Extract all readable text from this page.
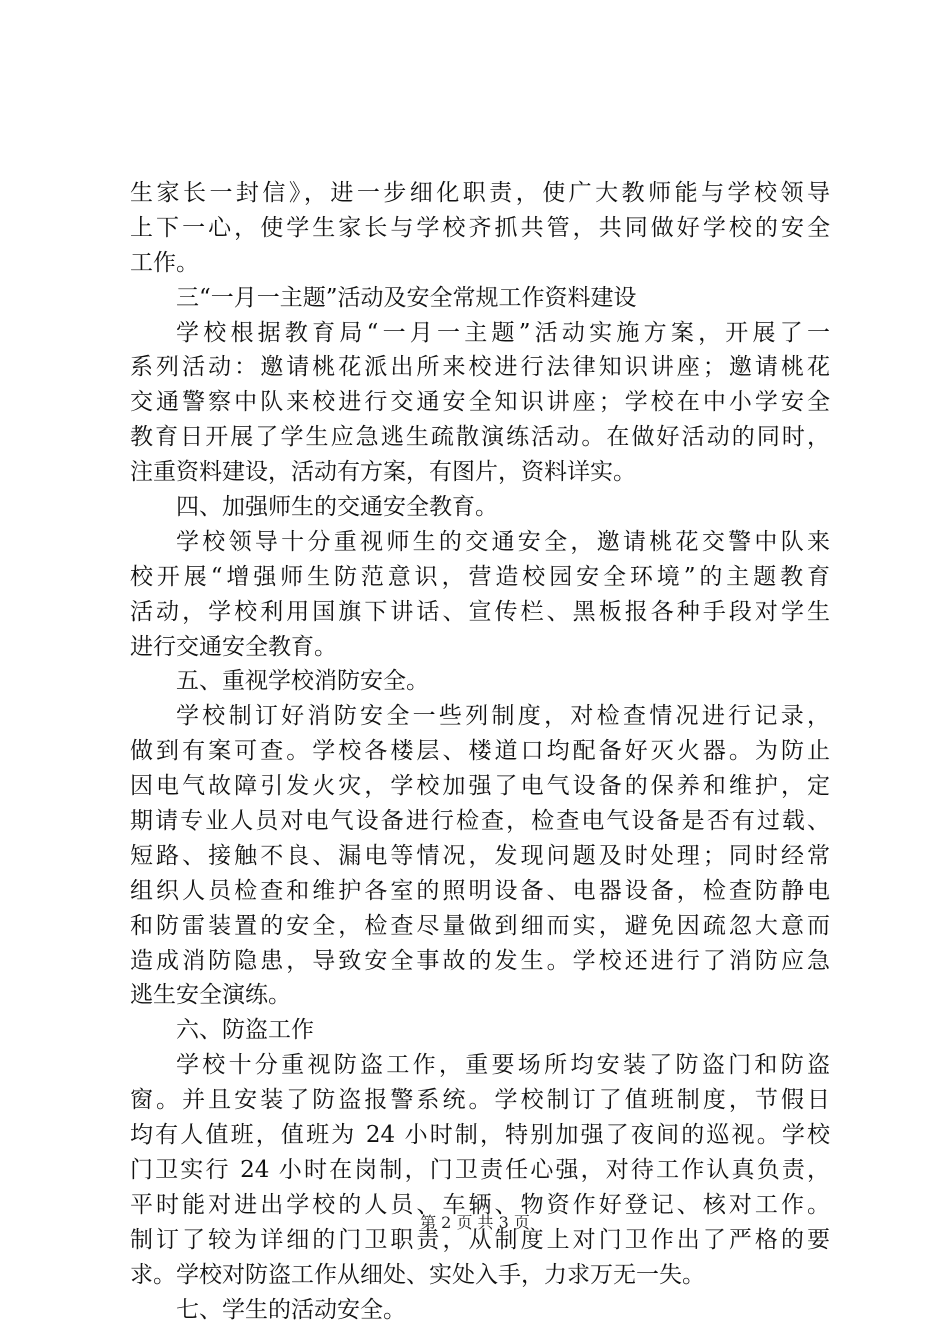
生家长一封信》，进一步细化职责，使广大教师能与学校领导
上下一心，使学生家长与学校齐抓共管，共同做好学校的安全
工作。
三“一月一主题”活动及安全常规工作资料建设
学校根据教育局“一月一主题”活动实施方案，开展了一
系列活动：邀请桃花派出所来校进行法律知识讲座；邀请桃花
交通警察中队来校进行交通安全知识讲座；学校在中小学安全
教育日开展了学生应急逃生疏散演练活动。在做好活动的同时，
注重资料建设，活动有方案，有图片，资料详实。
四、加强师生的交通安全教育。
学校领导十分重视师生的交通安全，邀请桃花交警中队来
校开展“增强师生防范意识，营造校园安全环境”的主题教育
活动，学校利用国旗下讲话、宣传栏、黑板报各种手段对学生
进行交通安全教育。
五、重视学校消防安全。
学校制订好消防安全一些列制度，对检查情况进行记录，
做到有案可查。学校各楼层、楼道口均配备好灭火器。为防止
因电气故障引发火灾，学校加强了电气设备的保养和维护，定
期请专业人员对电气设备进行检查，检查电气设备是否有过载、
短路、接触不良、漏电等情况，发现问题及时处理；同时经常
组织人员检查和维护各室的照明设备、电器设备，检查防静电
和防雷装置的安全，检查尽量做到细而实，避免因疏忽大意而
造成消防隐患，导致安全事故的发生。学校还进行了消防应急
逃生安全演练。
六、防盗工作
学校十分重视防盗工作，重要场所均安装了防盗门和防盗
窗。并且安装了防盗报警系统。学校制订了值班制度，节假日
均有人值班，值班为 24 小时制，特别加强了夜间的巡视。学校
门卫实行 24 小时在岗制，门卫责任心强，对待工作认真负责，
平时能对进出学校的人员、车辆、物资作好登记、核对工作。
制订了较为详细的门卫职责，从制度上对门卫作出了严格的要
求。学校对防盗工作从细处、实处入手，力求万无一失。
七、学生的活动安全。
第 2 页 共 3 页
